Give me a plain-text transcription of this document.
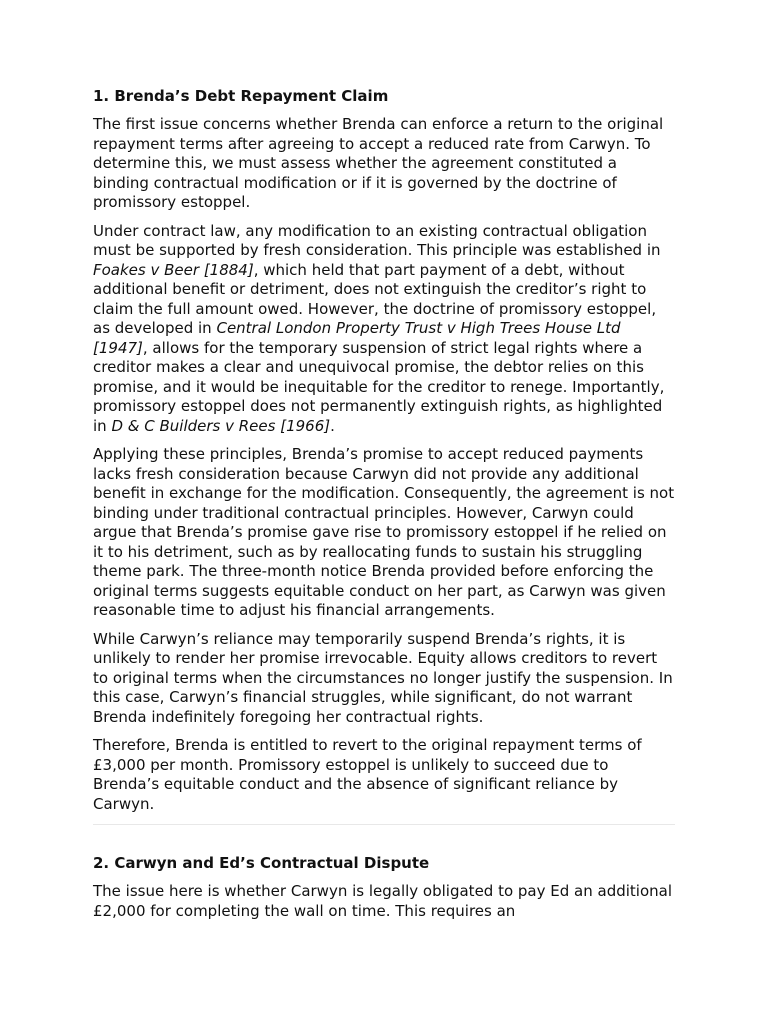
1. Brenda’s Debt Repayment Claim

The first issue concerns whether Brenda can enforce a return to the original repayment terms after agreeing to accept a reduced rate from Carwyn. To determine this, we must assess whether the agreement constituted a binding contractual modification or if it is governed by the doctrine of promissory estoppel.

Under contract law, any modification to an existing contractual obligation must be supported by fresh consideration. This principle was established in Foakes v Beer [1884], which held that part payment of a debt, without additional benefit or detriment, does not extinguish the creditor’s right to claim the full amount owed. However, the doctrine of promissory estoppel, as developed in Central London Property Trust v High Trees House Ltd [1947], allows for the temporary suspension of strict legal rights where a creditor makes a clear and unequivocal promise, the debtor relies on this promise, and it would be inequitable for the creditor to renege. Importantly, promissory estoppel does not permanently extinguish rights, as highlighted in D & C Builders v Rees [1966].

Applying these principles, Brenda’s promise to accept reduced payments lacks fresh consideration because Carwyn did not provide any additional benefit in exchange for the modification. Consequently, the agreement is not binding under traditional contractual principles. However, Carwyn could argue that Brenda’s promise gave rise to promissory estoppel if he relied on it to his detriment, such as by reallocating funds to sustain his struggling theme park. The three-month notice Brenda provided before enforcing the original terms suggests equitable conduct on her part, as Carwyn was given reasonable time to adjust his financial arrangements.

While Carwyn’s reliance may temporarily suspend Brenda’s rights, it is unlikely to render her promise irrevocable. Equity allows creditors to revert to original terms when the circumstances no longer justify the suspension. In this case, Carwyn’s financial struggles, while significant, do not warrant Brenda indefinitely foregoing her contractual rights.

Therefore, Brenda is entitled to revert to the original repayment terms of £3,000 per month. Promissory estoppel is unlikely to succeed due to Brenda’s equitable conduct and the absence of significant reliance by Carwyn.

2. Carwyn and Ed’s Contractual Dispute

The issue here is whether Carwyn is legally obligated to pay Ed an additional £2,000 for completing the wall on time. This requires an
